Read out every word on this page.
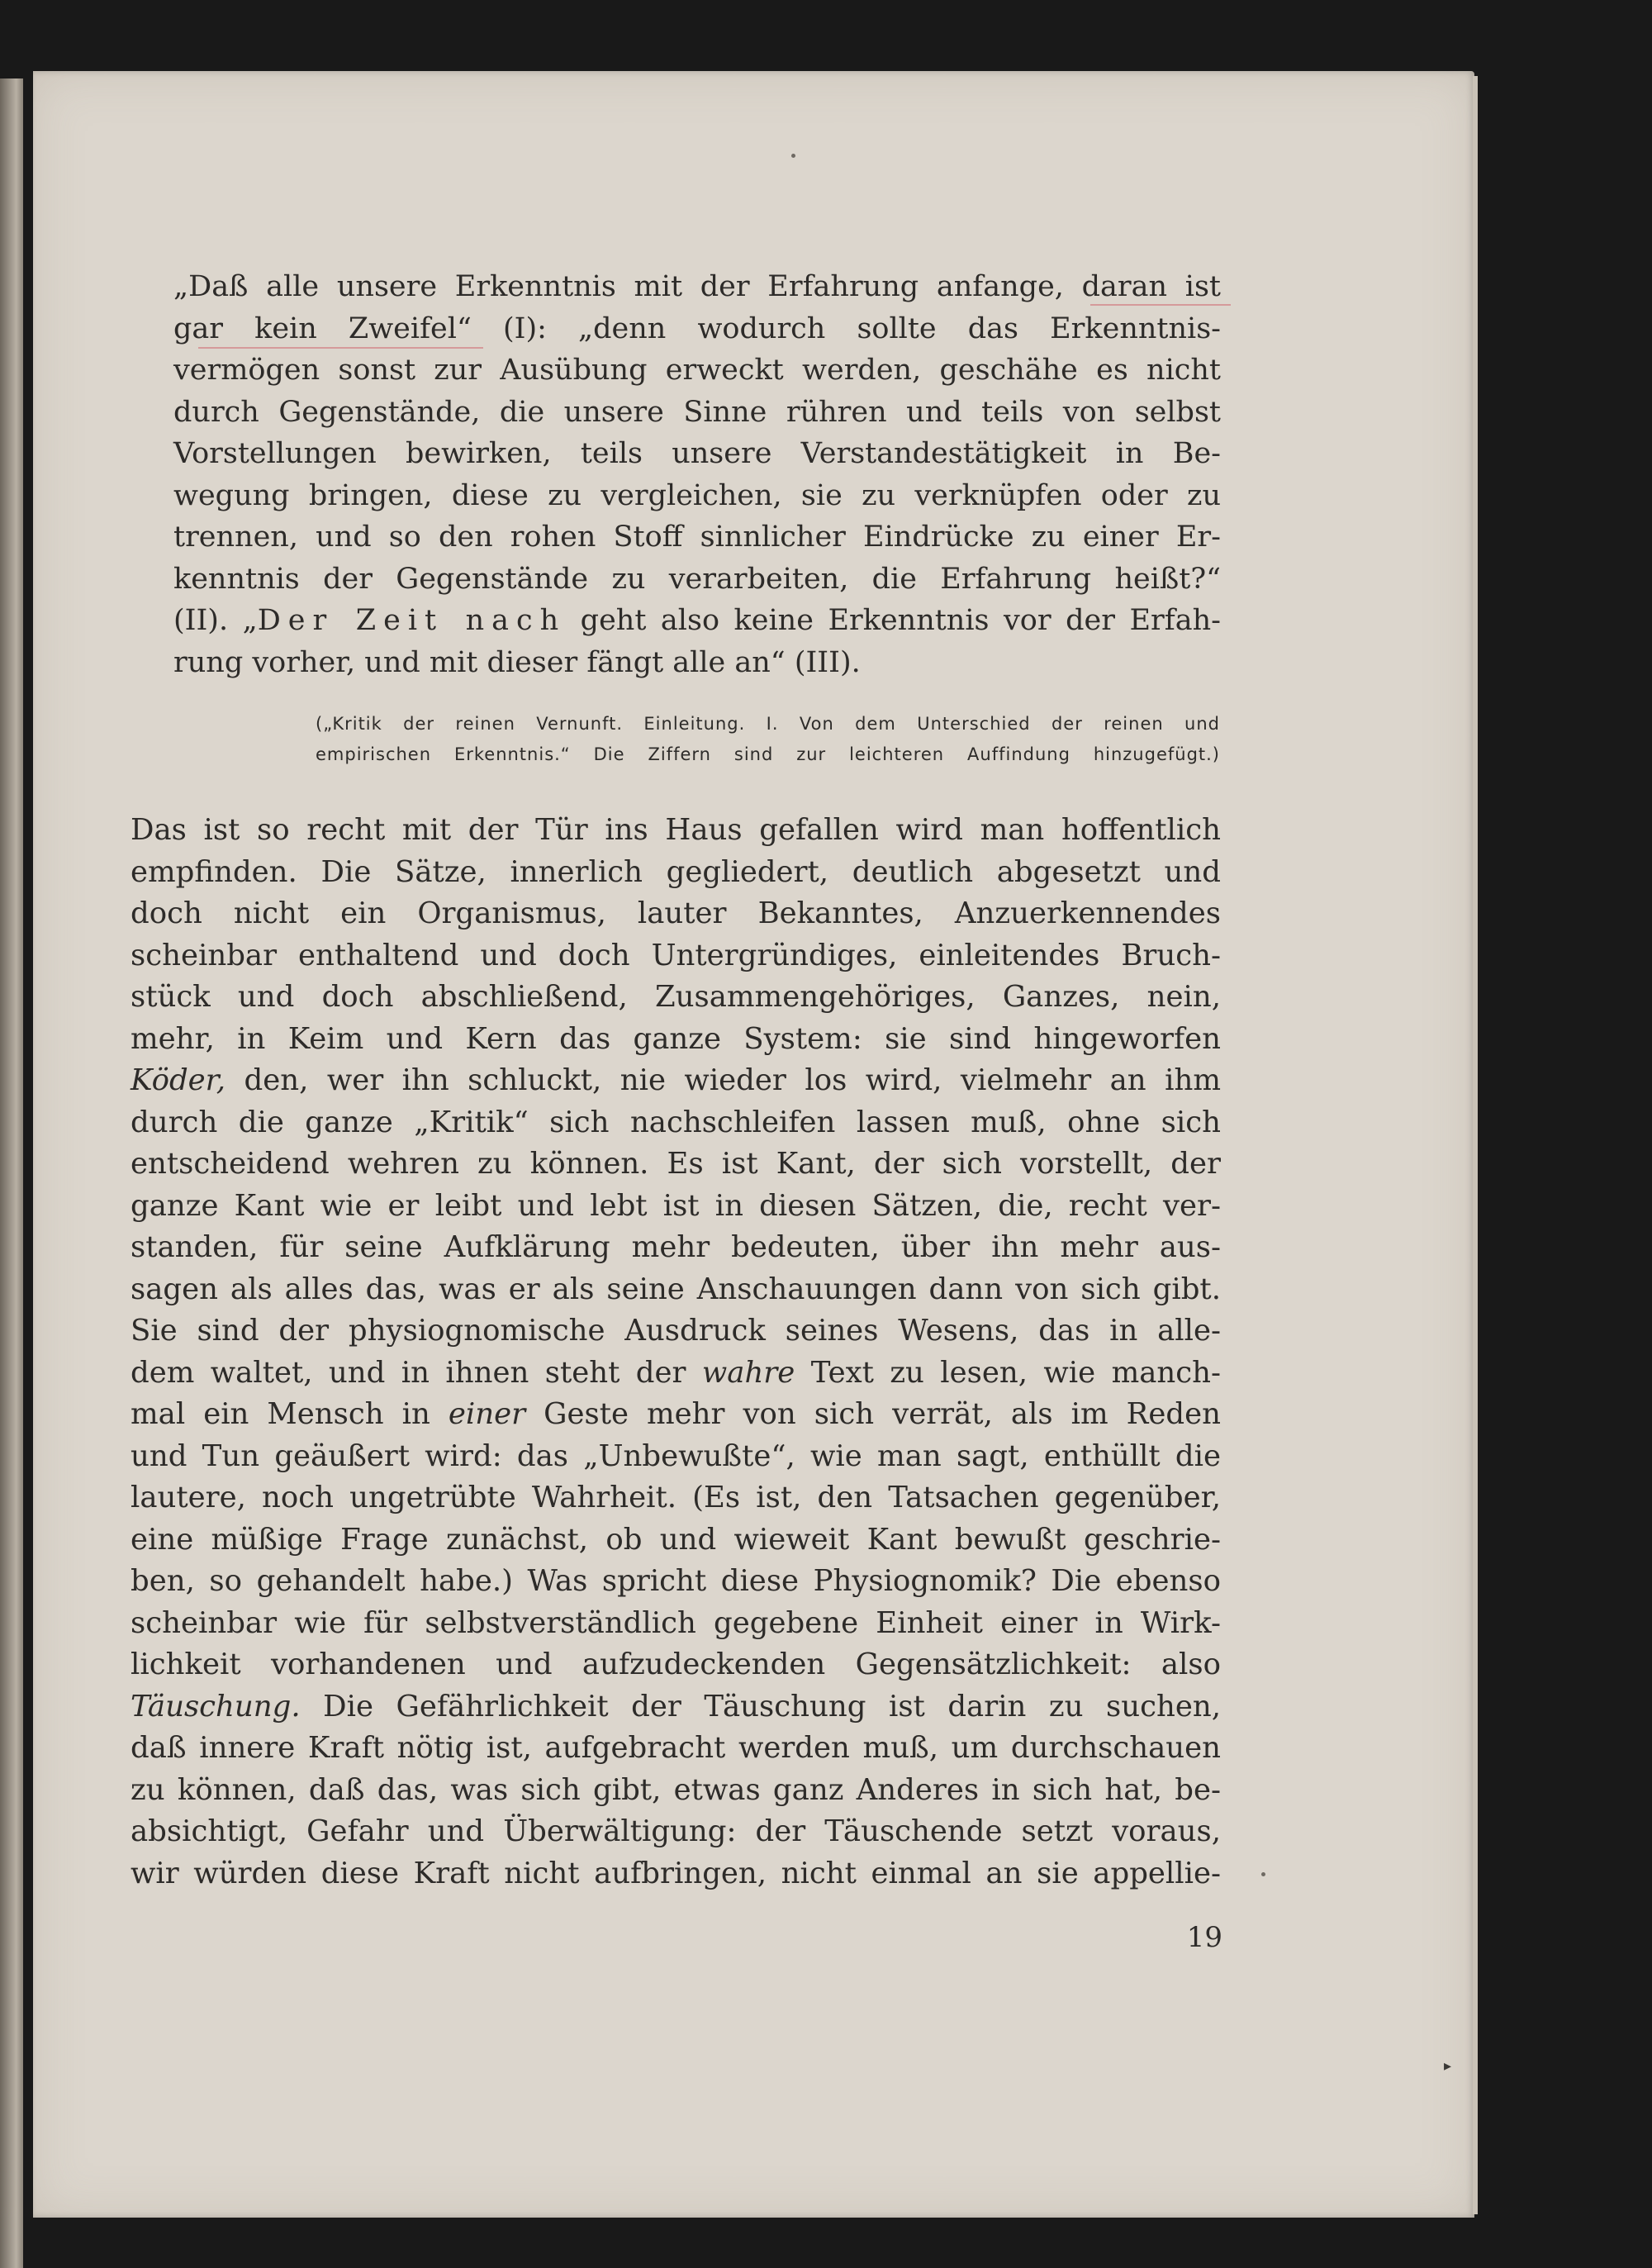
„Daß alle unsere Erkenntnis mit der Erfahrung anfange, daran ist
gar kein Zweifel“ (I): „denn wodurch sollte das Erkenntnis-
vermögen sonst zur Ausübung erweckt werden, geschähe es nicht
durch Gegenstände, die unsere Sinne rühren und teils von selbst
Vorstellungen bewirken, teils unsere Verstandestätigkeit in Be-
wegung bringen, diese zu vergleichen, sie zu verknüpfen oder zu
trennen, und so den rohen Stoff sinnlicher Eindrücke zu einer Er-
kenntnis der Gegenstände zu verarbeiten, die Erfahrung heißt?“
(II). „Der Zeit nach geht also keine Erkenntnis vor der Erfah-
rung vorher, und mit dieser fängt alle an“ (III).
(„Kritik der reinen Vernunft. Einleitung. I. Von dem Unterschied der reinen und
empirischen Erkenntnis.“ Die Ziffern sind zur leichteren Auffindung hinzugefügt.)
Das ist so recht mit der Tür ins Haus gefallen wird man hoffentlich
empfinden. Die Sätze, innerlich gegliedert, deutlich abgesetzt und
doch nicht ein Organismus, lauter Bekanntes, Anzuerkennendes
scheinbar enthaltend und doch Untergründiges, einleitendes Bruch-
stück und doch abschließend, Zusammengehöriges, Ganzes, nein,
mehr, in Keim und Kern das ganze System: sie sind hingeworfen
Köder, den, wer ihn schluckt, nie wieder los wird, vielmehr an ihm
durch die ganze „Kritik“ sich nachschleifen lassen muß, ohne sich
entscheidend wehren zu können. Es ist Kant, der sich vorstellt, der
ganze Kant wie er leibt und lebt ist in diesen Sätzen, die, recht ver-
standen, für seine Aufklärung mehr bedeuten, über ihn mehr aus-
sagen als alles das, was er als seine Anschauungen dann von sich gibt.
Sie sind der physiognomische Ausdruck seines Wesens, das in alle-
dem waltet, und in ihnen steht der wahre Text zu lesen, wie manch-
mal ein Mensch in einer Geste mehr von sich verrät, als im Reden
und Tun geäußert wird: das „Unbewußte“, wie man sagt, enthüllt die
lautere, noch ungetrübte Wahrheit. (Es ist, den Tatsachen gegenüber,
eine müßige Frage zunächst, ob und wieweit Kant bewußt geschrie-
ben, so gehandelt habe.) Was spricht diese Physiognomik? Die ebenso
scheinbar wie für selbstverständlich gegebene Einheit einer in Wirk-
lichkeit vorhandenen und aufzudeckenden Gegensätzlichkeit: also
Täuschung. Die Gefährlichkeit der Täuschung ist darin zu suchen,
daß innere Kraft nötig ist, aufgebracht werden muß, um durchschauen
zu können, daß das, was sich gibt, etwas ganz Anderes in sich hat, be-
absichtigt, Gefahr und Überwältigung: der Täuschende setzt voraus,
wir würden diese Kraft nicht aufbringen, nicht einmal an sie appellie-
19
▸
